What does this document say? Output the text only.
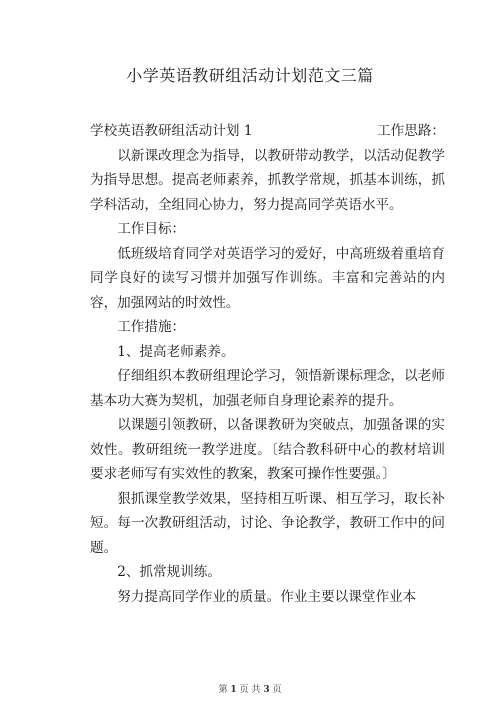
小学英语教研组活动计划范文三篇

学校英语教研组活动计划 1	工作思路：

以新课改理念为指导，以教研带动教学，以活动促教学为指导思想。提高老师素养，抓教学常规，抓基本训练，抓学科活动，全组同心协力，努力提高同学英语水平。

工作目标：

低班级培育同学对英语学习的爱好，中高班级着重培育同学良好的读写习惯并加强写作训练。丰富和完善站的内容，加强网站的时效性。

工作措施：

1、提高老师素养。

仔细组织本教研组理论学习，领悟新课标理念，以老师基本功大赛为契机，加强老师自身理论素养的提升。

以课题引领教研，以备课教研为突破点，加强备课的实效性。教研组统一教学进度。〔结合教科研中心的教材培训要求老师写有实效性的教案，教案可操作性要强。〕

狠抓课堂教学效果，坚持相互听课、相互学习，取长补短。每一次教研组活动，讨论、争论教学，教研工作中的问题。

2、抓常规训练。

努力提高同学作业的质量。作业主要以课堂作业本

第 1 页 共 3 页
